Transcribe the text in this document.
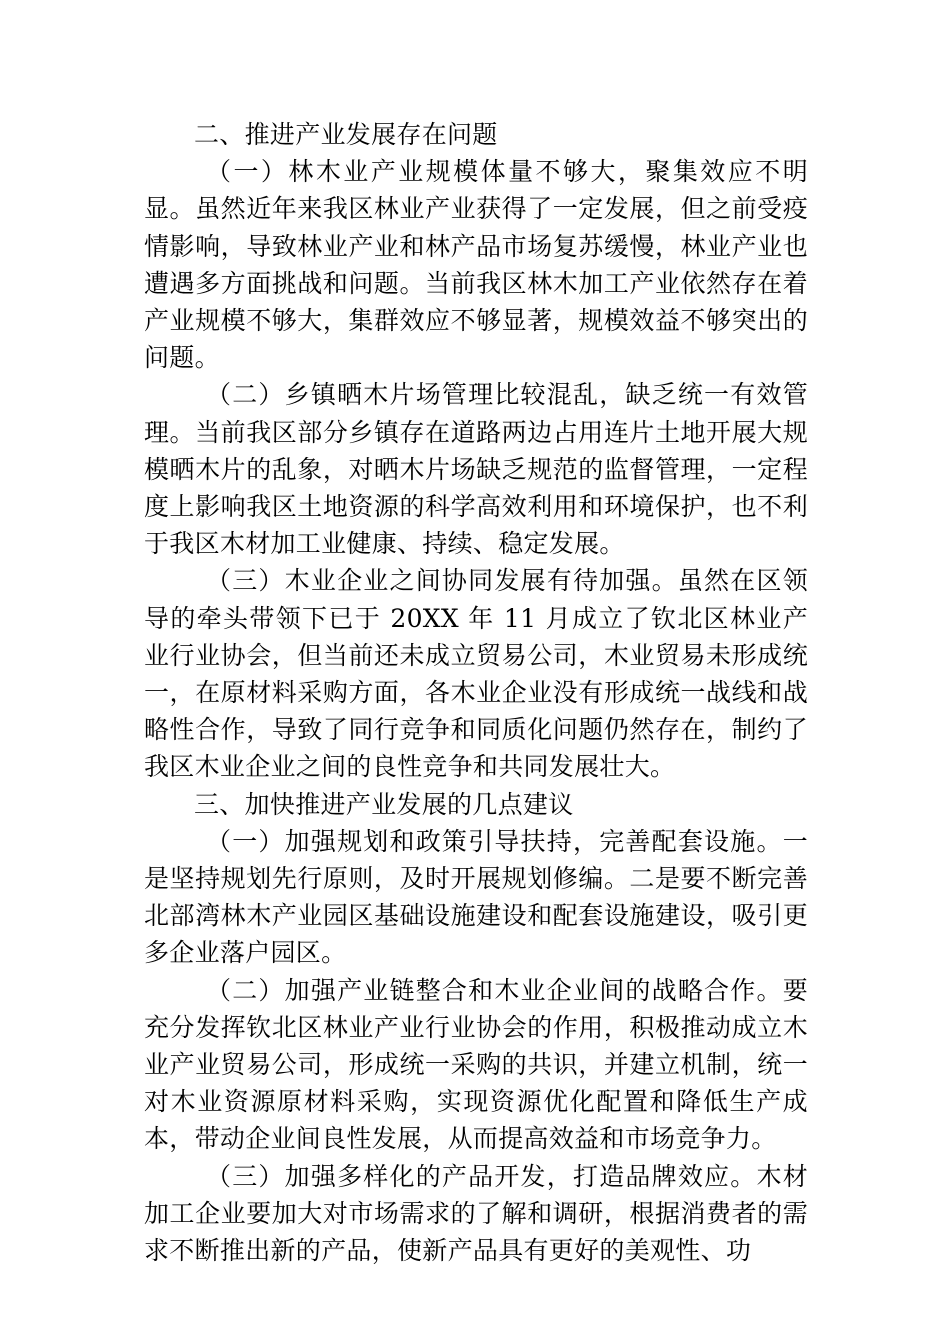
二、推进产业发展存在问题

（一）林木业产业规模体量不够大，聚集效应不明显。虽然近年来我区林业产业获得了一定发展，但之前受疫情影响，导致林业产业和林产品市场复苏缓慢，林业产业也遭遇多方面挑战和问题。当前我区林木加工产业依然存在着产业规模不够大，集群效应不够显著，规模效益不够突出的问题。

（二）乡镇晒木片场管理比较混乱，缺乏统一有效管理。当前我区部分乡镇存在道路两边占用连片土地开展大规模晒木片的乱象，对晒木片场缺乏规范的监督管理，一定程度上影响我区土地资源的科学高效利用和环境保护，也不利于我区木材加工业健康、持续、稳定发展。

（三）木业企业之间协同发展有待加强。虽然在区领导的牵头带领下已于 20XX 年 11 月成立了钦北区林业产业行业协会，但当前还未成立贸易公司，木业贸易未形成统一，在原材料采购方面，各木业企业没有形成统一战线和战略性合作，导致了同行竞争和同质化问题仍然存在，制约了我区木业企业之间的良性竞争和共同发展壮大。

三、加快推进产业发展的几点建议

（一）加强规划和政策引导扶持，完善配套设施。一是坚持规划先行原则，及时开展规划修编。二是要不断完善北部湾林木产业园区基础设施建设和配套设施建设，吸引更多企业落户园区。

（二）加强产业链整合和木业企业间的战略合作。要充分发挥钦北区林业产业行业协会的作用，积极推动成立木业产业贸易公司，形成统一采购的共识，并建立机制，统一对木业资源原材料采购，实现资源优化配置和降低生产成本，带动企业间良性发展，从而提高效益和市场竞争力。

（三）加强多样化的产品开发，打造品牌效应。木材加工企业要加大对市场需求的了解和调研，根据消费者的需求不断推出新的产品，使新产品具有更好的美观性、功
